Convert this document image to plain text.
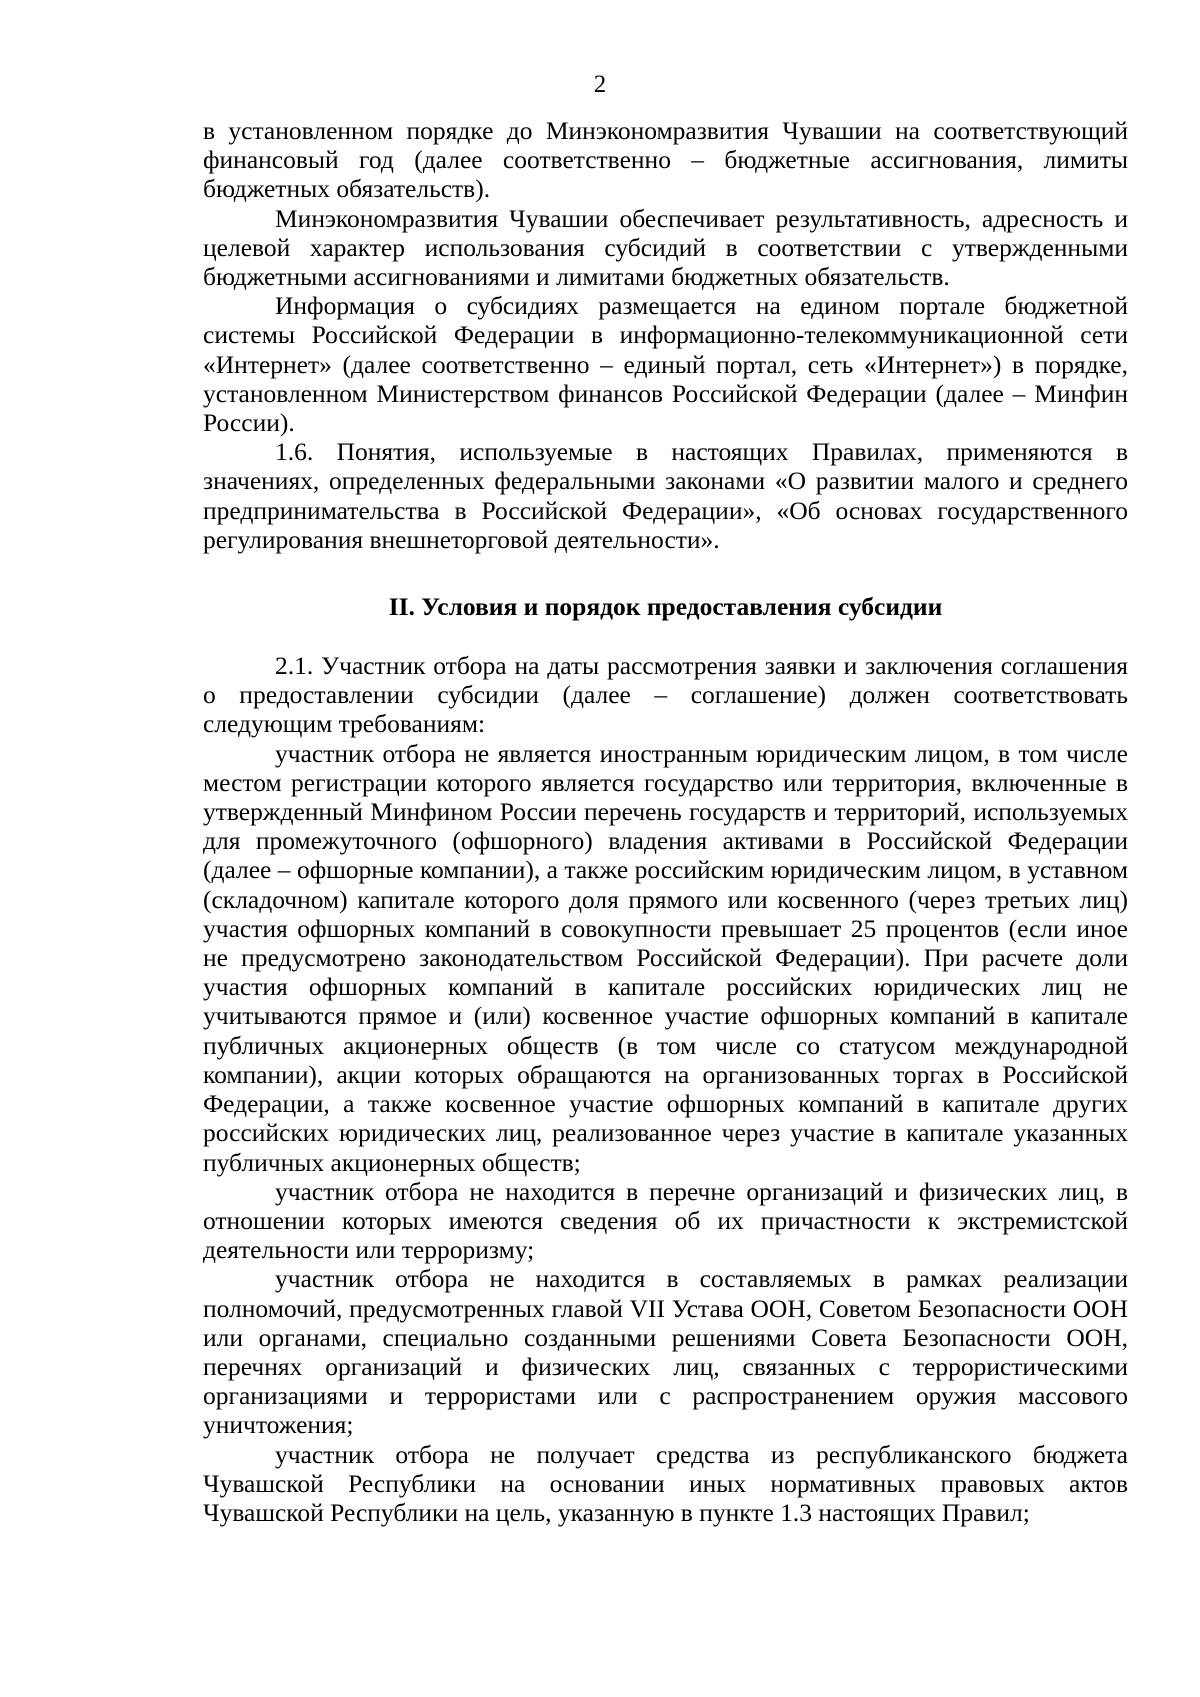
2

в установленном порядке до Минэкономразвития Чувашии на соответствующий финансовый год (далее соответственно – бюджетные ассигнования, лимиты бюджетных обязательств).

Минэкономразвития Чувашии обеспечивает результативность, адресность и целевой характер использования субсидий в соответствии с утвержденными бюджетными ассигнованиями и лимитами бюджетных обязательств.

Информация о субсидиях размещается на едином портале бюджетной системы Российской Федерации в информационно-телекоммуникационной сети «Интернет» (далее соответственно – единый портал, сеть «Интернет») в порядке, установленном Министерством финансов Российской Федерации (далее – Минфин России).

1.6. Понятия, используемые в настоящих Правилах, применяются в значениях, определенных федеральными законами «О развитии малого и среднего предпринимательства в Российской Федерации», «Об основах государственного регулирования внешнеторговой деятельности».

II. Условия и порядок предоставления субсидии

2.1. Участник отбора на даты рассмотрения заявки и заключения соглашения о предоставлении субсидии (далее – соглашение) должен соответствовать следующим требованиям:

участник отбора не является иностранным юридическим лицом, в том числе местом регистрации которого является государство или территория, включенные в утвержденный Минфином России перечень государств и территорий, используемых для промежуточного (офшорного) владения активами в Российской Федерации (далее – офшорные компании), а также российским юридическим лицом, в уставном (складочном) капитале которого доля прямого или косвенного (через третьих лиц) участия офшорных компаний в совокупности превышает 25 процентов (если иное не предусмотрено законодательством Российской Федерации). При расчете доли участия офшорных компаний в капитале российских юридических лиц не учитываются прямое и (или) косвенное участие офшорных компаний в капитале публичных акционерных обществ (в том числе со статусом международной компании), акции которых обращаются на организованных торгах в Российской Федерации, а также косвенное участие офшорных компаний в капитале других российских юридических лиц, реализованное через участие в капитале указанных публичных акционерных обществ;

участник отбора не находится в перечне организаций и физических лиц, в отношении которых имеются сведения об их причастности к экстремистской деятельности или терроризму;

участник отбора не находится в составляемых в рамках реализации полномочий, предусмотренных главой VII Устава ООН, Советом Безопасности ООН или органами, специально созданными решениями Совета Безопасности ООН, перечнях организаций и физических лиц, связанных с террористическими организациями и террористами или с распространением оружия массового уничтожения;

участник отбора не получает средства из республиканского бюджета Чувашской Республики на основании иных нормативных правовых актов Чувашской Республики на цель, указанную в пункте 1.3 настоящих Правил;
